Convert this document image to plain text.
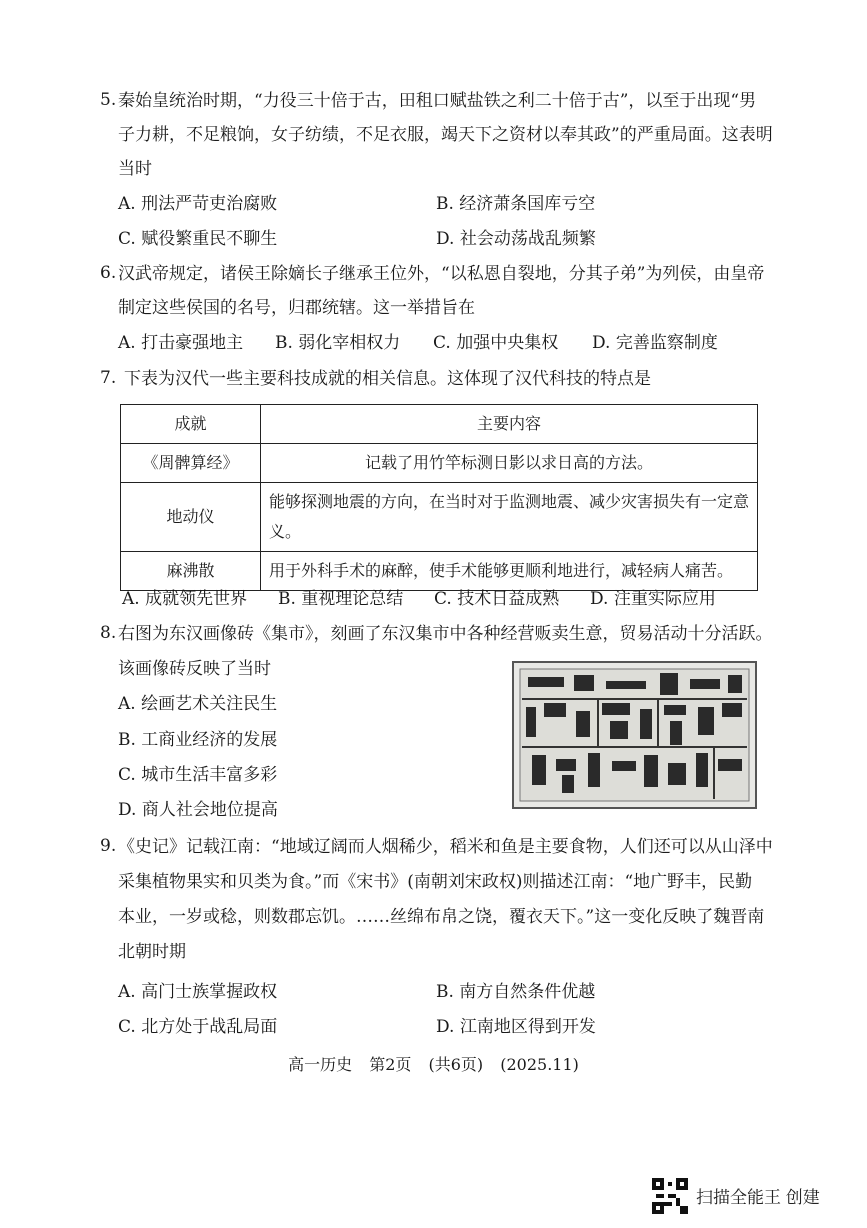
5. 秦始皇统治时期，“力役三十倍于古，田租口赋盐铁之利二十倍于古”，以至于出现“男
子力耕，不足粮饷，女子纺绩，不足衣服，竭天下之资材以奉其政”的严重局面。这表明
当时
A. 刑法严苛吏治腐败	B. 经济萧条国库亏空
C. 赋役繁重民不聊生	D. 社会动荡战乱频繁
6. 汉武帝规定，诸侯王除嫡长子继承王位外，“以私恩自裂地，分其子弟”为列侯，由皇帝
制定这些侯国的名号，归郡统辖。这一举措旨在
A. 打击豪强地主 B. 弱化宰相权力 C. 加强中央集权 D. 完善监察制度
7. 下表为汉代一些主要科技成就的相关信息。这体现了汉代科技的特点是
成就	主要内容
《周髀算经》	记载了用竹竿标测日影以求日高的方法。
地动仪	能够探测地震的方向，在当时对于监测地震、减少灾害损失有一定意义。
麻沸散	用于外科手术的麻醉，使手术能够更顺利地进行，减轻病人痛苦。
A. 成就领先世界 B. 重视理论总结 C. 技术日益成熟 D. 注重实际应用
8. 右图为东汉画像砖《集市》，刻画了东汉集市中各种经营贩卖生意，贸易活动十分活跃。
该画像砖反映了当时
A. 绘画艺术关注民生
B. 工商业经济的发展
C. 城市生活丰富多彩
D. 商人社会地位提高
9. 《史记》记载江南：“地域辽阔而人烟稀少，稻米和鱼是主要食物，人们还可以从山泽中
采集植物果实和贝类为食。”而《宋书》(南朝刘宋政权)则描述江南：“地广野丰，民勤
本业，一岁或稔，则数郡忘饥。……丝绵布帛之饶，覆衣天下。”这一变化反映了魏晋南
北朝时期
A. 高门士族掌握政权	B. 南方自然条件优越
C. 北方处于战乱局面	D. 江南地区得到开发
高一历史 第2页 (共6页) (2025.11)
扫描全能王 创建
